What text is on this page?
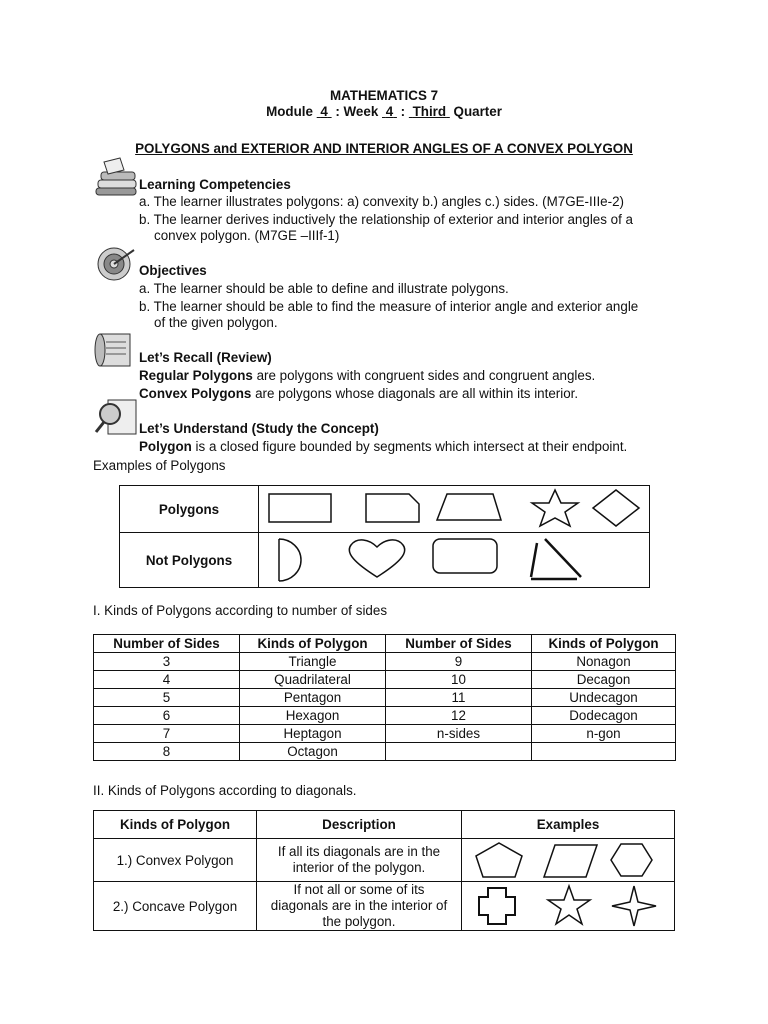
MATHEMATICS 7
Module 4 : Week 4 : Third Quarter
POLYGONS and EXTERIOR AND INTERIOR ANGLES OF A CONVEX POLYGON
Learning Competencies
a. The learner illustrates polygons: a) convexity b.) angles c.) sides. (M7GE-IIIe-2)
b. The learner derives inductively the relationship of exterior and interior angles of a
convex polygon. (M7GE –IIIf-1)
Objectives
a. The learner should be able to define and illustrate polygons.
b. The learner should be able to find the measure of interior angle and exterior angle
of the given polygon.
Let’s Recall (Review)
Regular Polygons are polygons with congruent sides and congruent angles.
Convex Polygons are polygons whose diagonals are all within its interior.
Let’s Understand (Study the Concept)
Polygon is a closed figure bounded by segments which intersect at their endpoint.
Examples of Polygons
Polygons	

Not Polygons	
I. Kinds of Polygons according to number of sides
Number of Sides	Kinds of Polygon	Number of Sides	Kinds of Polygon
3	Triangle	9	Nonagon
4	Quadrilateral	10	Decagon
5	Pentagon	11	Undecagon
6	Hexagon	12	Dodecagon
7	Heptagon	n-sides	n-gon
8	Octagon		
II. Kinds of Polygons according to diagonals.
Kinds of Polygon	Description	Examples
1.) Convex Polygon	If all its diagonals are in the
interior of the polygon.	

2.) Concave Polygon	If not all or some of its
diagonals are in the interior of
the polygon.	
